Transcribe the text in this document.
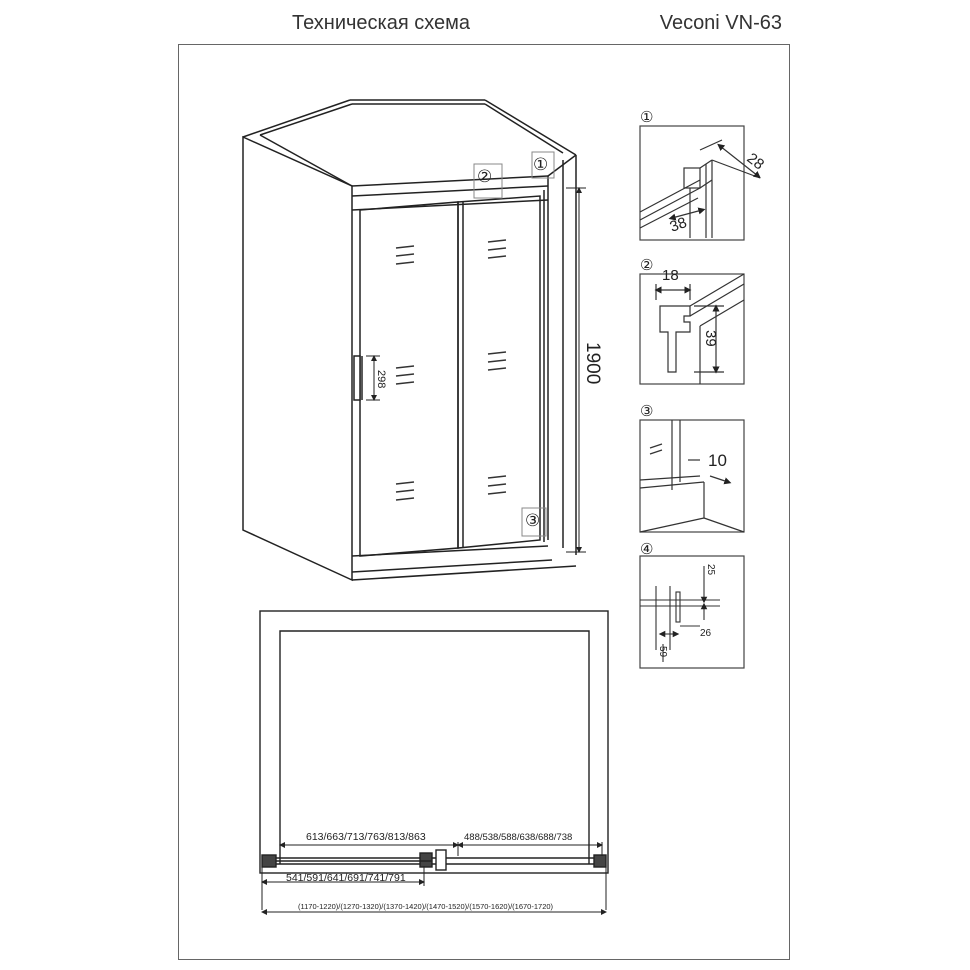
Техническая схема	Veconi VN-63
298	1900
②
①
③
①
28
38
②
18
39
③
10
④
25
26
59
613/663/713/763/813/863	488/538/588/638/688/738
541/591/641/691/741/791
(1170-1220)/(1270-1320)/(1370-1420)/(1470-1520)/(1570-1620)/(1670-1720)
